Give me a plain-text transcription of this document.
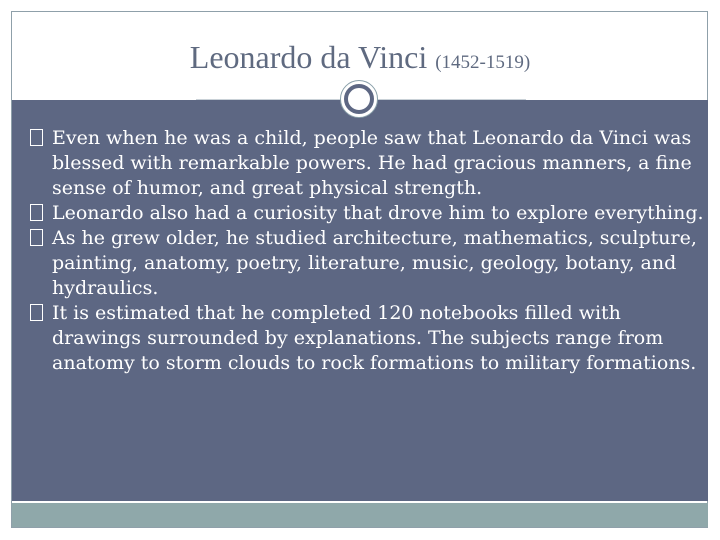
Leonardo da Vinci (1452-1519)
Even when he was a child, people saw that Leonardo da Vinci was blessed with remarkable powers. He had gracious manners, a fine sense of humor, and great physical strength.
Leonardo also had a curiosity that drove him to explore everything.
As he grew older, he studied architecture, mathematics, sculpture, painting, anatomy, poetry, literature, music, geology, botany, and hydraulics.
It is estimated that he completed 120 notebooks filled with drawings surrounded by explanations. The subjects range from anatomy to storm clouds to rock formations to military formations.
